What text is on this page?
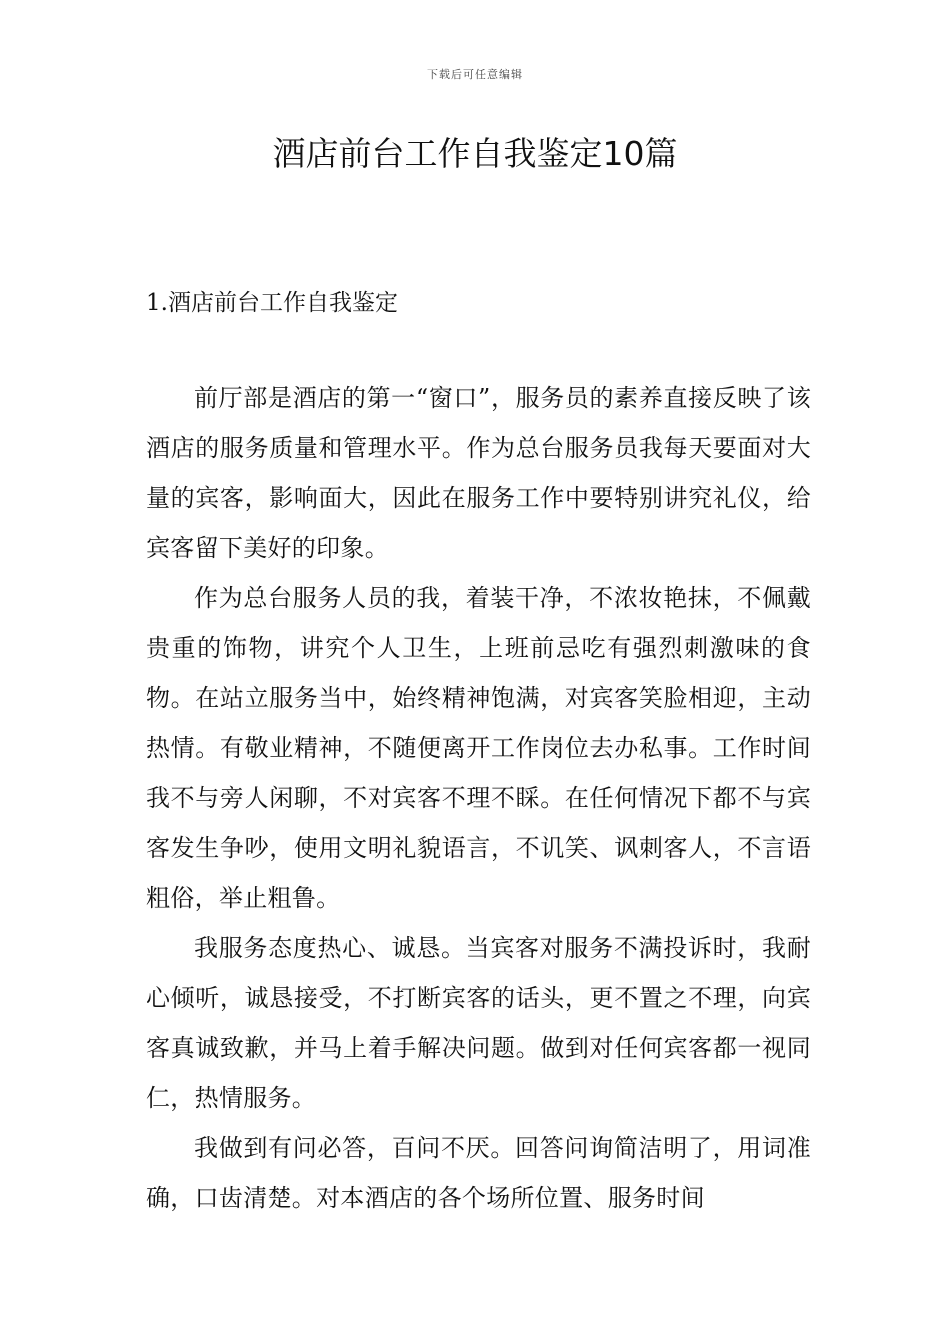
下载后可任意编辑
酒店前台工作自我鉴定10篇
1.酒店前台工作自我鉴定

前厅部是酒店的第一“窗口”，服务员的素养直接反映了该酒店的服务质量和管理水平。作为总台服务员我每天要面对大量的宾客，影响面大，因此在服务工作中要特别讲究礼仪，给宾客留下美好的印象。

作为总台服务人员的我，着装干净，不浓妆艳抹，不佩戴贵重的饰物，讲究个人卫生，上班前忌吃有强烈刺激味的食物。在站立服务当中，始终精神饱满，对宾客笑脸相迎，主动热情。有敬业精神，不随便离开工作岗位去办私事。工作时间我不与旁人闲聊，不对宾客不理不睬。在任何情况下都不与宾客发生争吵，使用文明礼貌语言，不讥笑、讽刺客人，不言语粗俗，举止粗鲁。

我服务态度热心、诚恳。当宾客对服务不满投诉时，我耐心倾听，诚恳接受，不打断宾客的话头，更不置之不理，向宾客真诚致歉，并马上着手解决问题。做到对任何宾客都一视同仁，热情服务。

我做到有问必答，百问不厌。回答问询简洁明了，用词准确，口齿清楚。对本酒店的各个场所位置、服务时间
